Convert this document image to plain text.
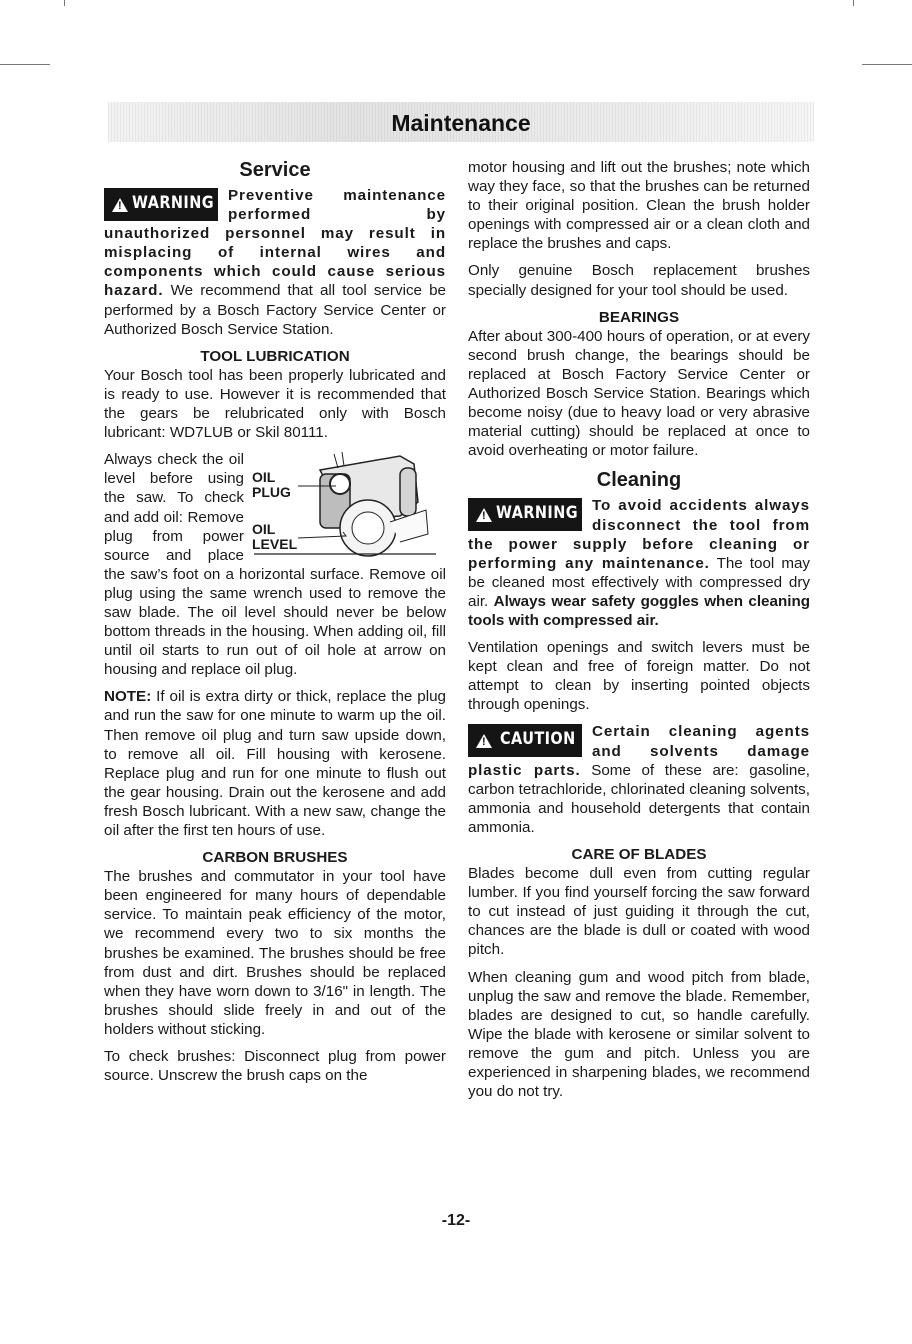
Maintenance
Service

! WARNING Preventive maintenance performed by unauthorized personnel may result in misplacing of internal wires and components which could cause serious hazard. We recommend that all tool service be performed by a Bosch Factory Service Center or Authorized Bosch Service Station.

TOOL LUBRICATION

Your Bosch tool has been properly lubricated and is ready to use. However it is recommended that the gears be relubricated only with Bosch lubricant: WD7LUB or Skil 80111.

OIL PLUG
OIL LEVEL
Always check the oil level before using the saw. To check and add oil: Remove plug from power source and place the saw’s foot on a horizontal surface. Remove oil plug using the same wrench used to remove the saw blade. The oil level should never be below bottom threads in the housing. When adding oil, fill until oil starts to run out of oil hole at arrow on housing and replace oil plug.

NOTE: If oil is extra dirty or thick, replace the plug and run the saw for one minute to warm up the oil. Then remove oil plug and turn saw upside down, to remove all oil. Fill housing with kerosene. Replace plug and run for one minute to flush out the gear housing. Drain out the kerosene and add fresh Bosch lubricant. With a new saw, change the oil after the first ten hours of use.

CARBON BRUSHES

The brushes and commutator in your tool have been engineered for many hours of dependable service. To maintain peak efficiency of the motor, we recommend every two to six months the brushes be examined. The brushes should be free from dust and dirt. Brushes should be replaced when they have worn down to 3/16" in length. The brushes should slide freely in and out of the holders without sticking.

To check brushes: Disconnect plug from power source. Unscrew the brush caps on the

motor housing and lift out the brushes; note which way they face, so that the brushes can be returned to their original position. Clean the brush holder openings with compressed air or a clean cloth and replace the brushes and caps.

Only genuine Bosch replacement brushes specially designed for your tool should be used.

BEARINGS

After about 300-400 hours of operation, or at every second brush change, the bearings should be replaced at Bosch Factory Service Center or Authorized Bosch Service Station. Bearings which become noisy (due to heavy load or very abrasive material cutting) should be replaced at once to avoid overheating or motor failure.

Cleaning

! WARNING To avoid accidents always disconnect the tool from the power supply before cleaning or performing any maintenance. The tool may be cleaned most effectively with compressed dry air. Always wear safety goggles when cleaning tools with compressed air.

Ventilation openings and switch levers must be kept clean and free of foreign matter. Do not attempt to clean by inserting pointed objects through openings.

! CAUTION Certain cleaning agents and solvents damage plastic parts. Some of these are: gasoline, carbon tetrachloride, chlorinated cleaning solvents, ammonia and household detergents that contain ammonia.

CARE OF BLADES

Blades become dull even from cutting regular lumber. If you find yourself forcing the saw forward to cut instead of just guiding it through the cut, chances are the blade is dull or coated with wood pitch.

When cleaning gum and wood pitch from blade, unplug the saw and remove the blade. Remember, blades are designed to cut, so handle carefully. Wipe the blade with kerosene or similar solvent to remove the gum and pitch. Unless you are experienced in sharpening blades, we recommend you do not try.

-12-
